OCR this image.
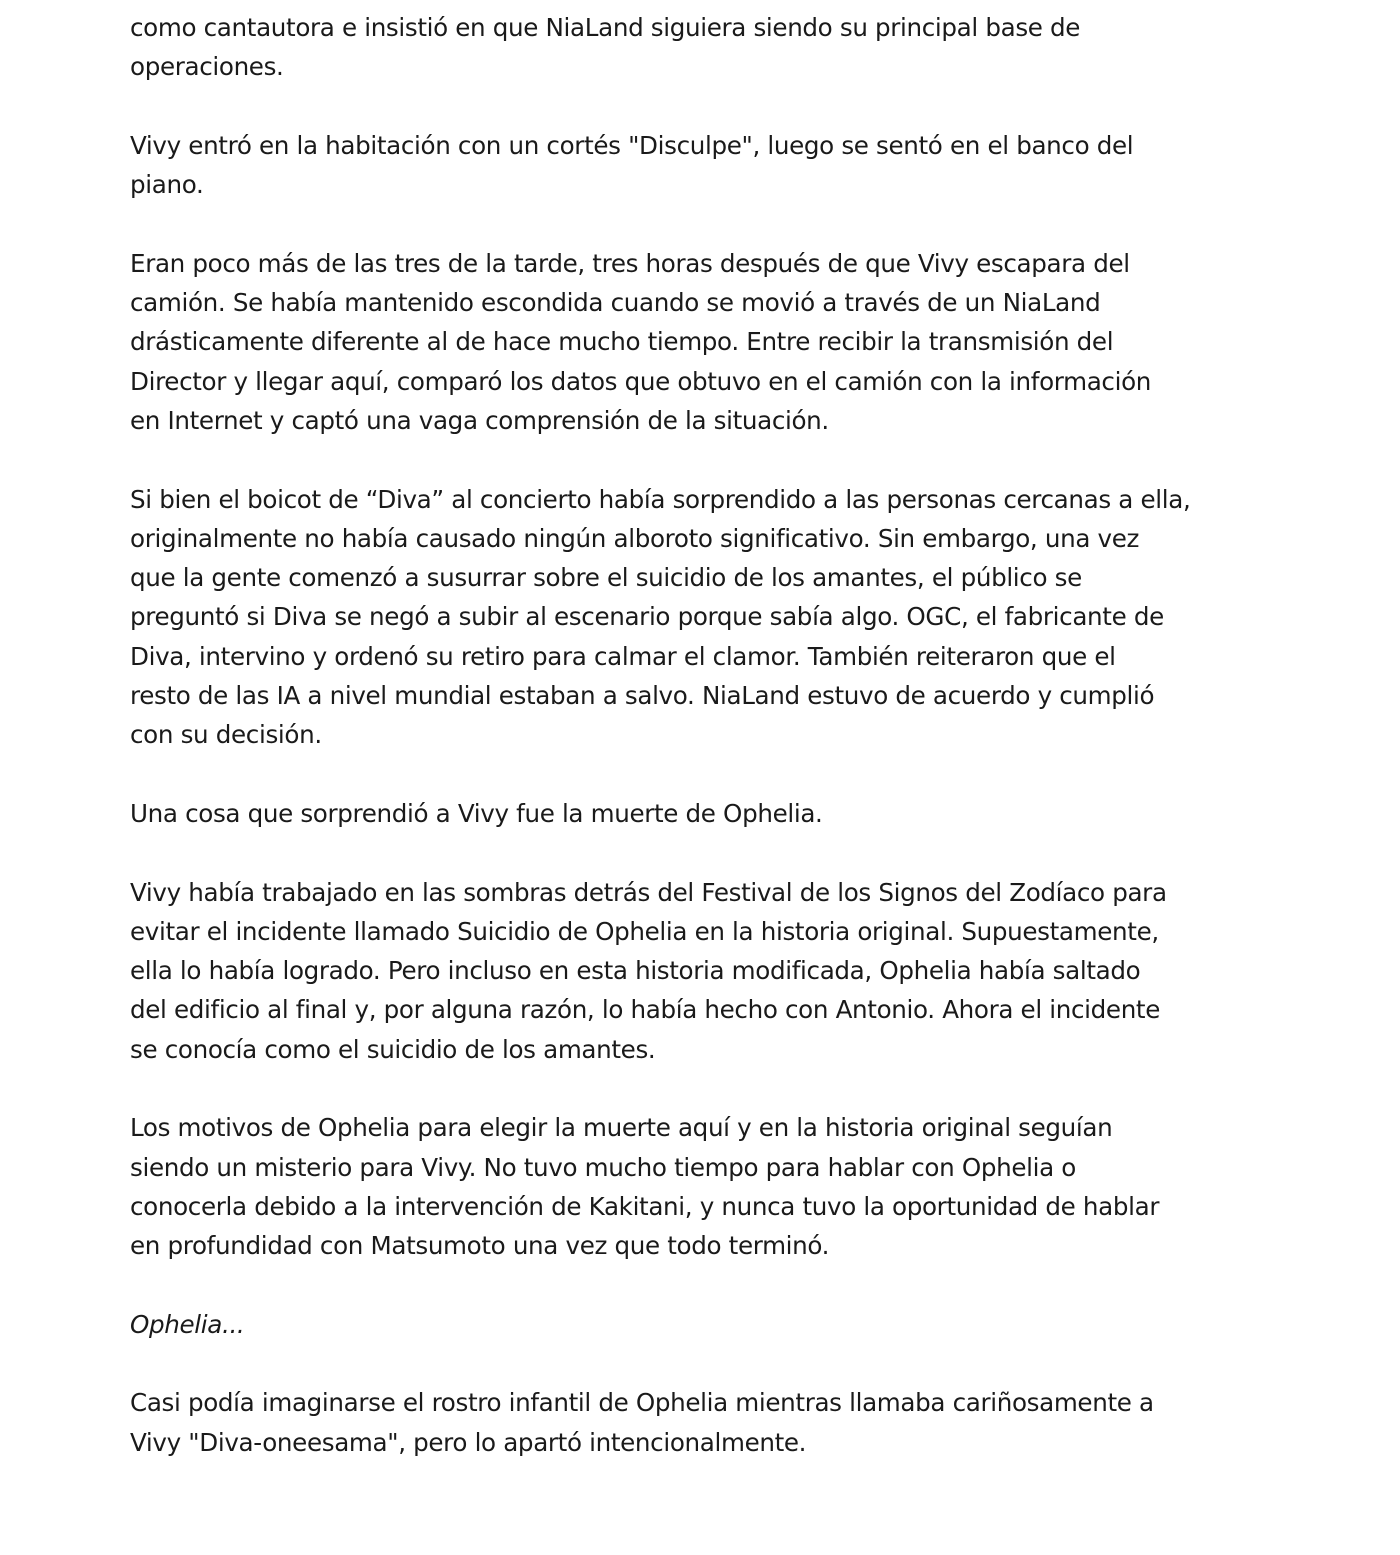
como cantautora e insistió en que NiaLand siguiera siendo su principal base de
operaciones.

Vivy entró en la habitación con un cortés "Disculpe", luego se sentó en el banco del
piano.

Eran poco más de las tres de la tarde, tres horas después de que Vivy escapara del
camión. Se había mantenido escondida cuando se movió a través de un NiaLand
drásticamente diferente al de hace mucho tiempo. Entre recibir la transmisión del
Director y llegar aquí, comparó los datos que obtuvo en el camión con la información
en Internet y captó una vaga comprensión de la situación.

Si bien el boicot de “Diva” al concierto había sorprendido a las personas cercanas a ella,
originalmente no había causado ningún alboroto significativo. Sin embargo, una vez
que la gente comenzó a susurrar sobre el suicidio de los amantes, el público se
preguntó si Diva se negó a subir al escenario porque sabía algo. OGC, el fabricante de
Diva, intervino y ordenó su retiro para calmar el clamor. También reiteraron que el
resto de las IA a nivel mundial estaban a salvo. NiaLand estuvo de acuerdo y cumplió
con su decisión.

Una cosa que sorprendió a Vivy fue la muerte de Ophelia.

Vivy había trabajado en las sombras detrás del Festival de los Signos del Zodíaco para
evitar el incidente llamado Suicidio de Ophelia en la historia original. Supuestamente,
ella lo había logrado. Pero incluso en esta historia modificada, Ophelia había saltado
del edificio al final y, por alguna razón, lo había hecho con Antonio. Ahora el incidente
se conocía como el suicidio de los amantes.

Los motivos de Ophelia para elegir la muerte aquí y en la historia original seguían
siendo un misterio para Vivy. No tuvo mucho tiempo para hablar con Ophelia o
conocerla debido a la intervención de Kakitani, y nunca tuvo la oportunidad de hablar
en profundidad con Matsumoto una vez que todo terminó.

Ophelia...

Casi podía imaginarse el rostro infantil de Ophelia mientras llamaba cariñosamente a
Vivy "Diva-oneesama", pero lo apartó intencionalmente.
